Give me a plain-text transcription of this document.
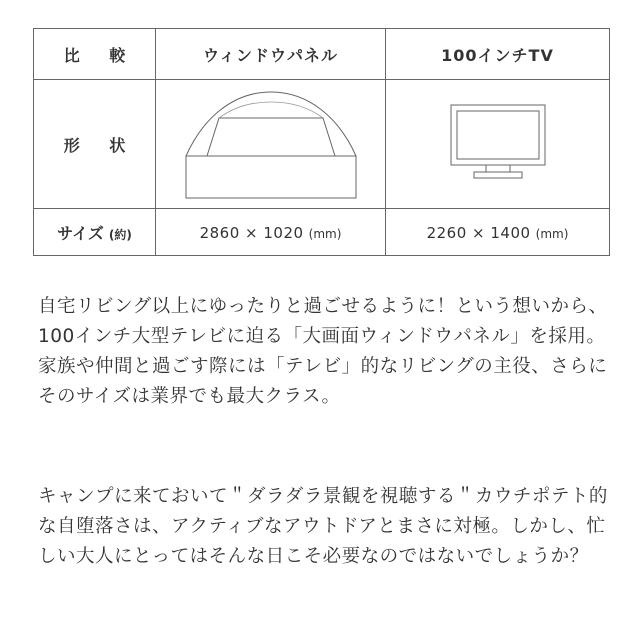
比 較	ウィンドウパネル	100インチTV
形 状	

サイズ (約)	2860 × 1020 (mm)	2260 × 1400 (mm)

自宅リビング以上にゆったりと過ごせるように！という想いから、100インチ大型テレビに迫る「大画面ウィンドウパネル」を採用。家族や仲間と過ごす際には「テレビ」的なリビングの主役、さらにそのサイズは業界でも最大クラス。

キャンプに来ておいて＂ダラダラ景観を視聴する＂カウチポテト的な自堕落さは、アクティブなアウトドアとまさに対極。しかし、忙しい大人にとってはそんな日こそ必要なのではないでしょうか？
